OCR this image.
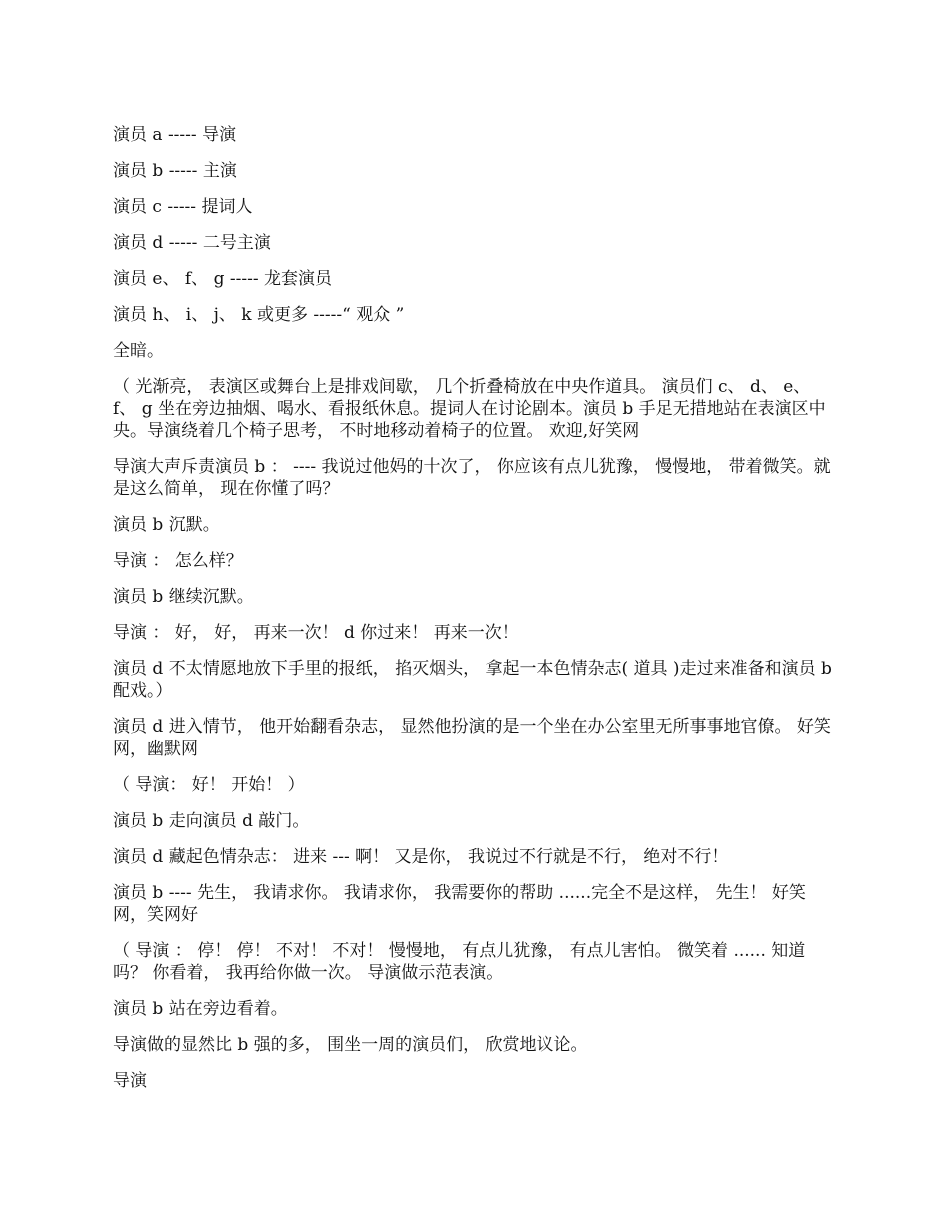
演员 a ----- 导演

演员 b ----- 主演

演员 c ----- 提词人

演员 d ----- 二号主演

演员 e、 f、 g ----- 龙套演员

演员 h、 i、 j、 k 或更多 -----“ 观众 ”

全暗。

（ 光渐亮， 表演区或舞台上是排戏间歇， 几个折叠椅放在中央作道具。 演员们 c、 d、 e、 f、 g 坐在旁边抽烟、喝水、看报纸休息。提词人在讨论剧本。演员 b 手足无措地站在表演区中央。导演绕着几个椅子思考， 不时地移动着椅子的位置。 欢迎,好笑网

导演大声斥责演员 b ： ---- 我说过他妈的十次了， 你应该有点儿犹豫， 慢慢地， 带着微笑。就是这么简单， 现在你懂了吗？

演员 b 沉默。

导演 ： 怎么样？

演员 b 继续沉默。

导演 ： 好， 好， 再来一次！ d 你过来！ 再来一次！

演员 d 不太情愿地放下手里的报纸， 掐灭烟头， 拿起一本色情杂志( 道具 )走过来准备和演员 b 配戏。）

演员 d 进入情节， 他开始翻看杂志， 显然他扮演的是一个坐在办公室里无所事事地官僚。 好笑网，幽默网

（ 导演： 好！ 开始！ ）

演员 b 走向演员 d 敲门。

演员 d 藏起色情杂志： 进来 --- 啊！ 又是你， 我说过不行就是不行， 绝对不行！

演员 b ---- 先生， 我请求你。 我请求你， 我需要你的帮助 ......完全不是这样， 先生！ 好笑网，笑网好

（ 导演 ： 停！ 停！ 不对！ 不对！ 慢慢地， 有点儿犹豫， 有点儿害怕。 微笑着 ...... 知道吗？ 你看着， 我再给你做一次。 导演做示范表演。

演员 b 站在旁边看着。

导演做的显然比 b 强的多， 围坐一周的演员们， 欣赏地议论。

导演
